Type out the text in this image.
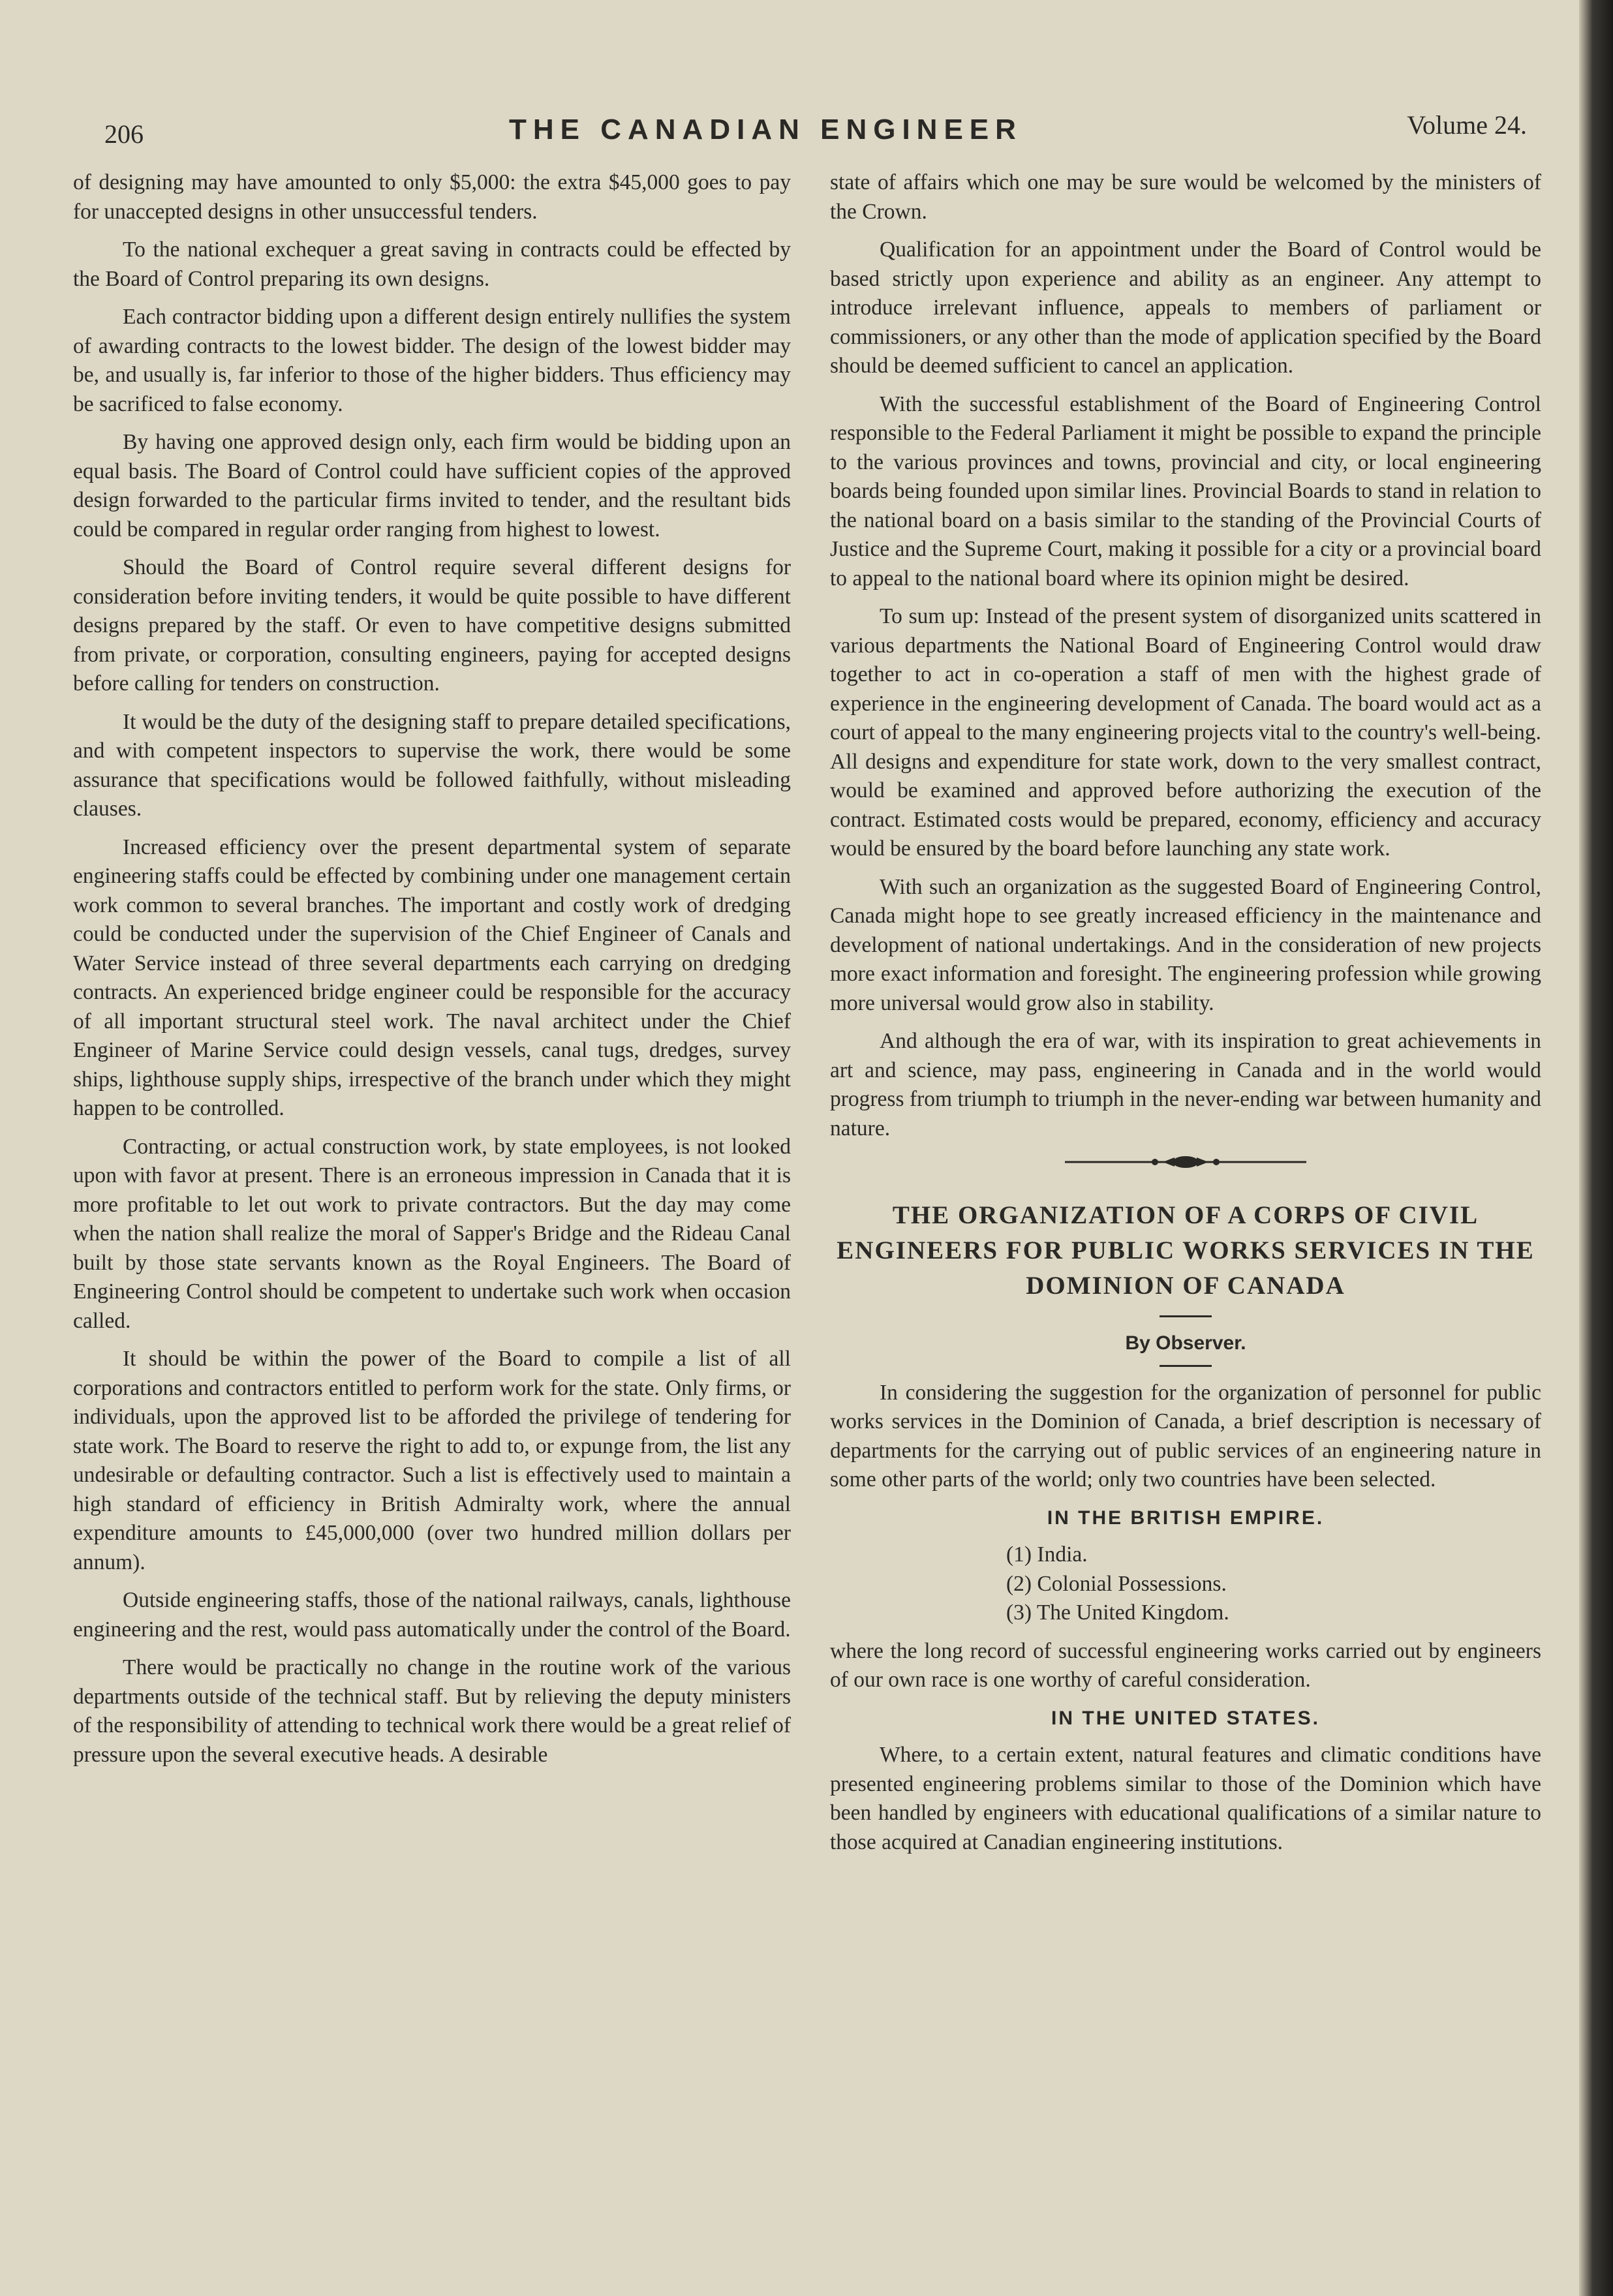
206	THE CANADIAN ENGINEER	Volume 24.

of designing may have amounted to only $5,000: the extra $45,000 goes to pay for unaccepted designs in other unsuccessful tenders.

To the national exchequer a great saving in contracts could be effected by the Board of Control preparing its own designs.

Each contractor bidding upon a different design entirely nullifies the system of awarding contracts to the lowest bidder. The design of the lowest bidder may be, and usually is, far inferior to those of the higher bidders. Thus efficiency may be sacrificed to false economy.

By having one approved design only, each firm would be bidding upon an equal basis. The Board of Control could have sufficient copies of the approved design forwarded to the particular firms invited to tender, and the resultant bids could be compared in regular order ranging from highest to lowest.

Should the Board of Control require several different designs for consideration before inviting tenders, it would be quite possible to have different designs prepared by the staff. Or even to have competitive designs submitted from private, or corporation, consulting engineers, paying for accepted designs before calling for tenders on construction.

It would be the duty of the designing staff to prepare detailed specifications, and with competent inspectors to supervise the work, there would be some assurance that specifications would be followed faithfully, without misleading clauses.

Increased efficiency over the present departmental system of separate engineering staffs could be effected by combining under one management certain work common to several branches. The important and costly work of dredging could be conducted under the supervision of the Chief Engineer of Canals and Water Service instead of three several departments each carrying on dredging contracts. An experienced bridge engineer could be responsible for the accuracy of all important structural steel work. The naval architect under the Chief Engineer of Marine Service could design vessels, canal tugs, dredges, survey ships, lighthouse supply ships, irrespective of the branch under which they might happen to be controlled.

Contracting, or actual construction work, by state employees, is not looked upon with favor at present. There is an erroneous impression in Canada that it is more profitable to let out work to private contractors. But the day may come when the nation shall realize the moral of Sapper's Bridge and the Rideau Canal built by those state servants known as the Royal Engineers. The Board of Engineering Control should be competent to undertake such work when occasion called.

It should be within the power of the Board to compile a list of all corporations and contractors entitled to perform work for the state. Only firms, or individuals, upon the approved list to be afforded the privilege of tendering for state work. The Board to reserve the right to add to, or expunge from, the list any undesirable or defaulting contractor. Such a list is effectively used to maintain a high standard of efficiency in British Admiralty work, where the annual expenditure amounts to £45,000,000 (over two hundred million dollars per annum).

Outside engineering staffs, those of the national railways, canals, lighthouse engineering and the rest, would pass automatically under the control of the Board.

There would be practically no change in the routine work of the various departments outside of the technical staff. But by relieving the deputy ministers of the responsibility of attending to technical work there would be a great relief of pressure upon the several executive heads. A desirable

state of affairs which one may be sure would be welcomed by the ministers of the Crown.

Qualification for an appointment under the Board of Control would be based strictly upon experience and ability as an engineer. Any attempt to introduce irrelevant influence, appeals to members of parliament or commissioners, or any other than the mode of application specified by the Board should be deemed sufficient to cancel an application.

With the successful establishment of the Board of Engineering Control responsible to the Federal Parliament it might be possible to expand the principle to the various provinces and towns, provincial and city, or local engineering boards being founded upon similar lines. Provincial Boards to stand in relation to the national board on a basis similar to the standing of the Provincial Courts of Justice and the Supreme Court, making it possible for a city or a provincial board to appeal to the national board where its opinion might be desired.

To sum up: Instead of the present system of disorganized units scattered in various departments the National Board of Engineering Control would draw together to act in co-operation a staff of men with the highest grade of experience in the engineering development of Canada. The board would act as a court of appeal to the many engineering projects vital to the country's well-being. All designs and expenditure for state work, down to the very smallest contract, would be examined and approved before authorizing the execution of the contract. Estimated costs would be prepared, economy, efficiency and accuracy would be ensured by the board before launching any state work.

With such an organization as the suggested Board of Engineering Control, Canada might hope to see greatly increased efficiency in the maintenance and development of national undertakings. And in the consideration of new projects more exact information and foresight. The engineering profession while growing more universal would grow also in stability.

And although the era of war, with its inspiration to great achievements in art and science, may pass, engineering in Canada and in the world would progress from triumph to triumph in the never-ending war between humanity and nature.

THE ORGANIZATION OF A CORPS OF CIVIL ENGINEERS FOR PUBLIC WORKS SERVICES IN THE DOMINION OF CANADA
By Observer.

In considering the suggestion for the organization of personnel for public works services in the Dominion of Canada, a brief description is necessary of departments for the carrying out of public services of an engineering nature in some other parts of the world; only two countries have been selected.

IN THE BRITISH EMPIRE.
(1) India.
(2) Colonial Possessions.
(3) The United Kingdom.

where the long record of successful engineering works carried out by engineers of our own race is one worthy of careful consideration.

IN THE UNITED STATES.

Where, to a certain extent, natural features and climatic conditions have presented engineering problems similar to those of the Dominion which have been handled by engineers with educational qualifications of a similar nature to those acquired at Canadian engineering institutions.
